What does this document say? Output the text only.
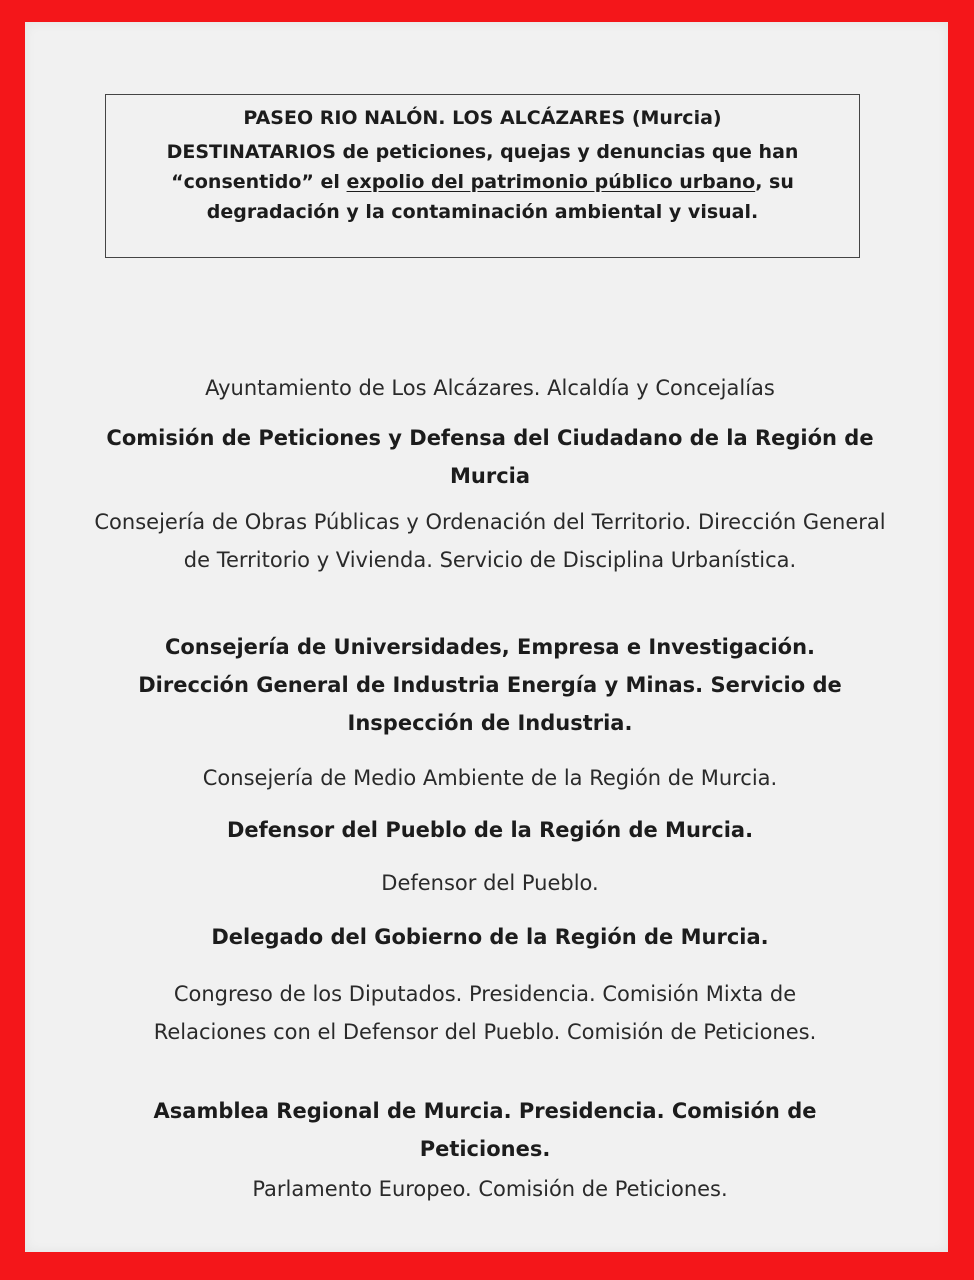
PASEO RIO NALÓN. LOS ALCÁZARES (Murcia)
DESTINATARIOS de peticiones, quejas y denuncias que han “consentido” el expolio del patrimonio público urbano, su degradación y la contaminación ambiental y visual.
Ayuntamiento de Los Alcázares. Alcaldía y Concejalías
Comisión de Peticiones y Defensa del Ciudadano de la Región de Murcia
Consejería de Obras Públicas y Ordenación del Territorio. Dirección General de Territorio y Vivienda. Servicio de Disciplina Urbanística.
Consejería de Universidades, Empresa e Investigación. Dirección General de Industria Energía y Minas. Servicio de Inspección de Industria.
Consejería de Medio Ambiente de la Región de Murcia.
Defensor del Pueblo de la Región de Murcia.
Defensor del Pueblo.
Delegado del Gobierno de la Región de Murcia.
Congreso de los Diputados. Presidencia. Comisión Mixta de Relaciones con el Defensor del Pueblo. Comisión de Peticiones.
Asamblea Regional de Murcia. Presidencia. Comisión de Peticiones.
Parlamento Europeo. Comisión de Peticiones.
